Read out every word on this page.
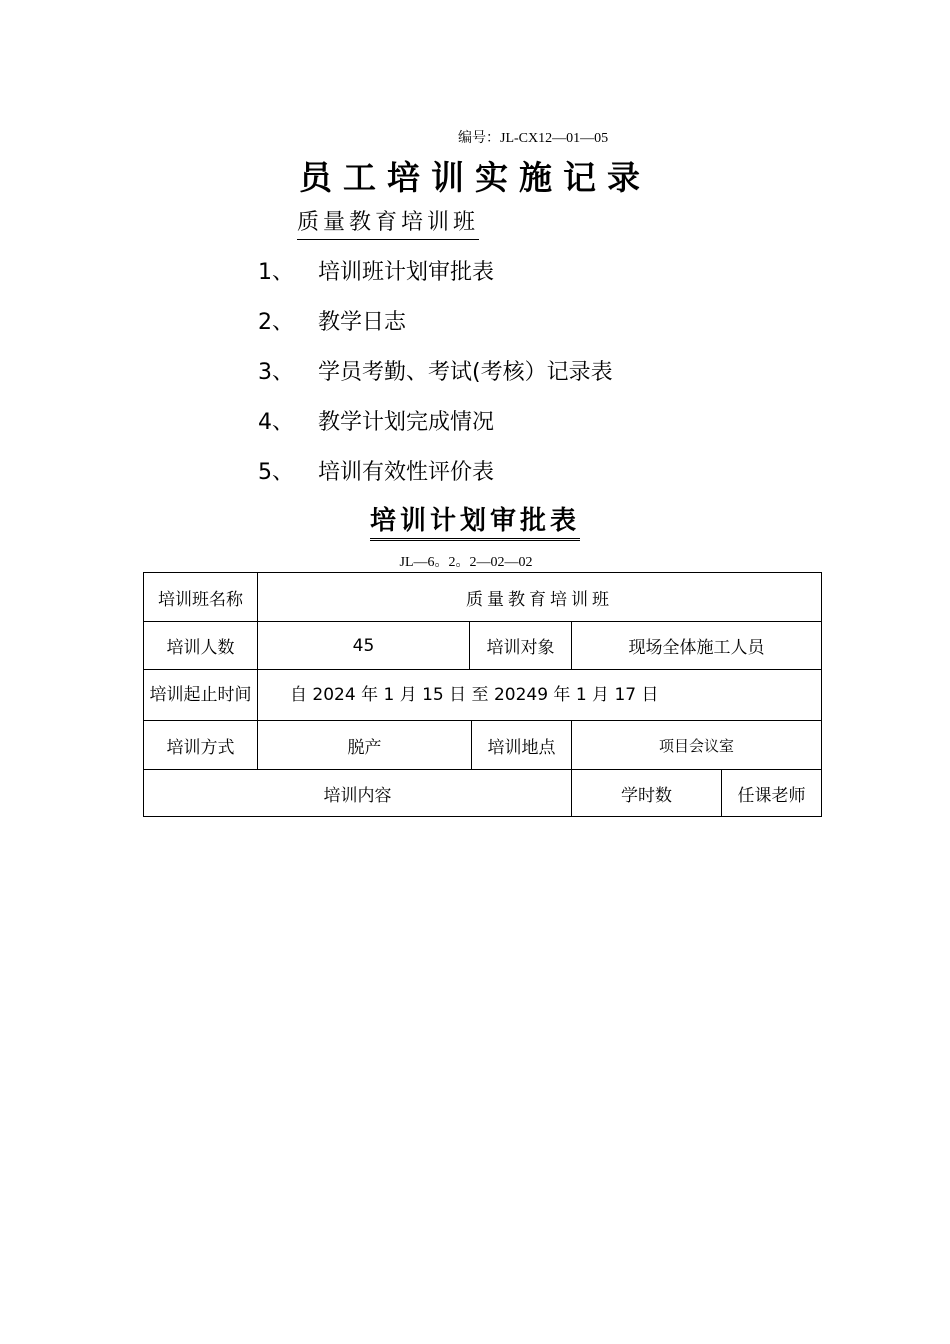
编号：JL-CX12—01—05
员工培训实施记录
质量教育培训班
1、	培训班计划审批表
2、	教学日志
3、	学员考勤、考试(考核）记录表
4、	教学计划完成情况
5、	培训有效性评价表
培训计划审批表
JL—6。2。2—02—02
培训班名称	质量教育培训班				
培训人数	45	培训对象		现场全体施工人员	
培训起止时间	自 2024 年 1 月 15 日 至 20249 年 1 月 17 日				
培训方式	脱产		培训地点	项目会议室	
培训内容				学时数	任课老师
